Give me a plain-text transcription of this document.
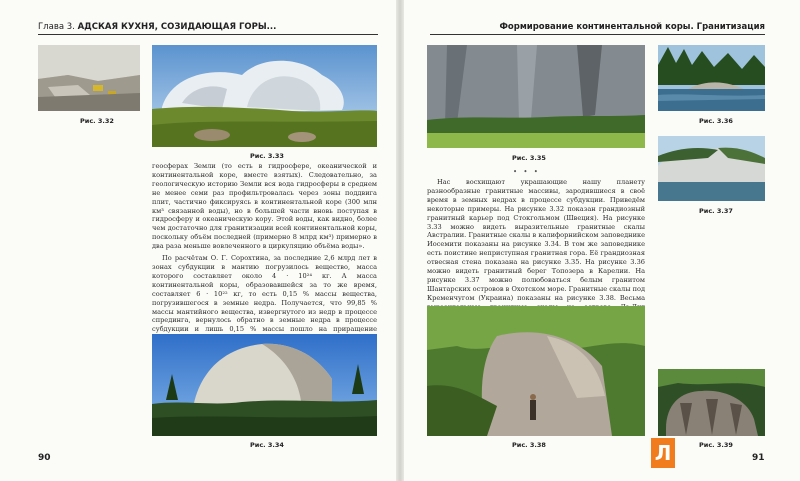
Глава 3. АДСКАЯ КУХНЯ, СОЗИДАЮЩАЯ ГОРЫ...	Формирование континентальной коры. Гранитизация
Рис. 3.32
Рис. 3.33

геосферах Земли (то есть в гидросфере, океанической и континентальной коре, вместе взятых). Следовательно, за геологическую историю Земли вся вода гидросферы в среднем не менее семи раз профильтровалась через зоны поддвига плит, частично фиксируясь в континентальной коре (300 млн км³ связанной воды), но в большей части вновь поступая в гидросферу и океаническую кору. Этой воды, как видно, более чем достаточно для гранитизации всей континентальной коры, поскольку объём последней (примерно 8 млрд км³) примерно в два раза меньше вовлеченного в циркуляцию объёма воды».

По расчётам О. Г. Сорохтина, за последние 2,6 млрд лет в зонах субдукции в мантию погрузилось вещество, масса которого составляет около 4 · 10²⁴ кг. А масса континентальной коры, образовавшейся за то же время, составляет 6 · 10²² кг, то есть 0,15 % массы вещества, погрузившегося в земные недра. Получается, что 99,85 % массы мантийного вещества, извергнутого из недр в процессе спрединга, вернулось обратно в земные недра в процессе субдукции и лишь 0,15 % массы пошло на приращение

Рис. 3.34
90
Рис. 3.35
• • •

Нас восхищают украшающие нашу планету разнообразные гранитные массивы, зародившиеся в своё время в земных недрах в процессе субдукции. Приведём некоторые примеры. На рисунке 3.32 показан грандиозный гранитный карьер под Стокгольмом (Швеция). На рисунке 3.33 можно видеть выразительные гранитные скалы Австралии. Гранитные скалы в калифорнийском заповеднике Иосемити показаны на рисунке 3.34. В том же заповеднике есть поистине неприступная гранитная гора. Её грандиозная отвесная стена показана на рисунке 3.35. На рисунке 3.36 можно видеть гранитный берег Топозера в Карелии. На рисунке 3.37 можно полюбоваться белым гранитом Шантарских островов в Охотском море. Гранитные скалы под Кременчугом (Украина) показаны на рисунке 3.38. Весьма

Рис. 3.36
Рис. 3.37
Рис. 3.38	Рис. 3.39
Л	91
